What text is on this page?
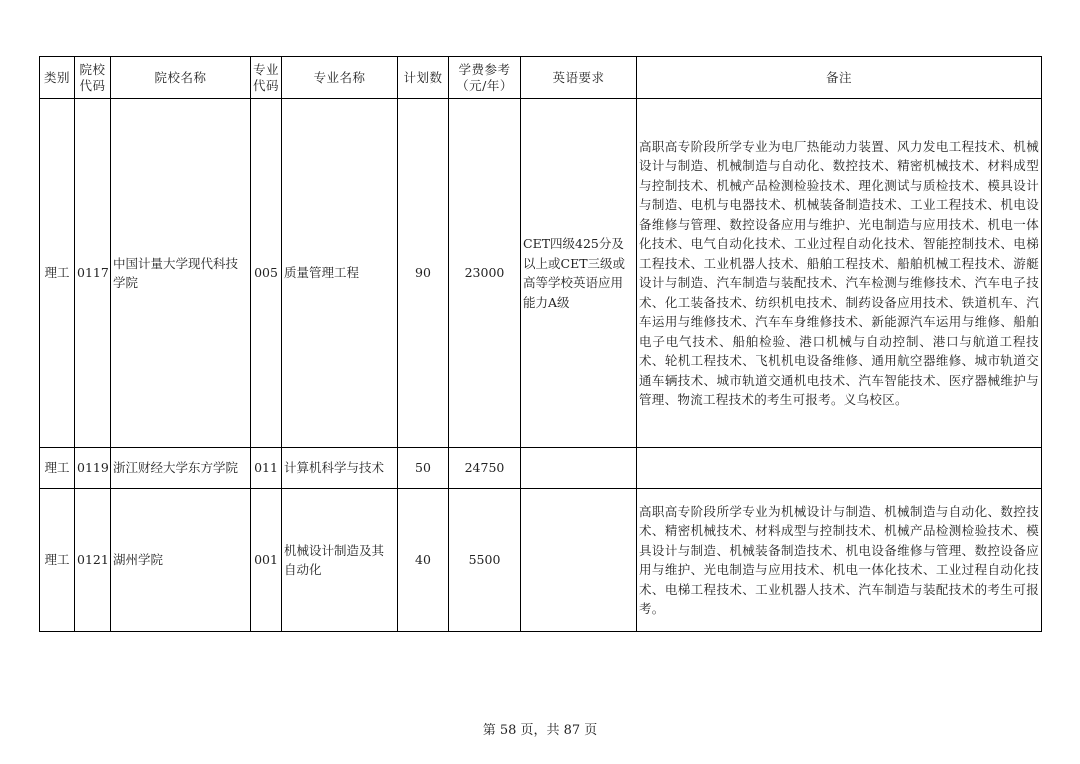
类别	院校代码	院校名称	专业代码	专业名称	计划数	学费参考（元/年）	英语要求	备注
理工	0117	中国计量大学现代科技学院	005	质量管理工程	90	23000	CET四级425分及以上或CET三级或高等学校英语应用能力A级	高职高专阶段所学专业为电厂热能动力装置、风力发电工程技术、机械设计与制造、机械制造与自动化、数控技术、精密机械技术、材料成型与控制技术、机械产品检测检验技术、理化测试与质检技术、模具设计与制造、电机与电器技术、机械装备制造技术、工业工程技术、机电设备维修与管理、数控设备应用与维护、光电制造与应用技术、机电一体化技术、电气自动化技术、工业过程自动化技术、智能控制技术、电梯工程技术、工业机器人技术、船舶工程技术、船舶机械工程技术、游艇设计与制造、汽车制造与装配技术、汽车检测与维修技术、汽车电子技术、化工装备技术、纺织机电技术、制药设备应用技术、铁道机车、汽车运用与维修技术、汽车车身维修技术、新能源汽车运用与维修、船舶电子电气技术、船舶检验、港口机械与自动控制、港口与航道工程技术、轮机工程技术、飞机机电设备维修、通用航空器维修、城市轨道交通车辆技术、城市轨道交通机电技术、汽车智能技术、医疗器械维护与管理、物流工程技术的考生可报考。义乌校区。
理工	0119	浙江财经大学东方学院	011	计算机科学与技术	50	24750		
理工	0121	湖州学院	001	机械设计制造及其自动化	40	5500		高职高专阶段所学专业为机械设计与制造、机械制造与自动化、数控技术、精密机械技术、材料成型与控制技术、机械产品检测检验技术、模具设计与制造、机械装备制造技术、机电设备维修与管理、数控设备应用与维护、光电制造与应用技术、机电一体化技术、工业过程自动化技术、电梯工程技术、工业机器人技术、汽车制造与装配技术的考生可报考。
第 58 页，共 87 页
